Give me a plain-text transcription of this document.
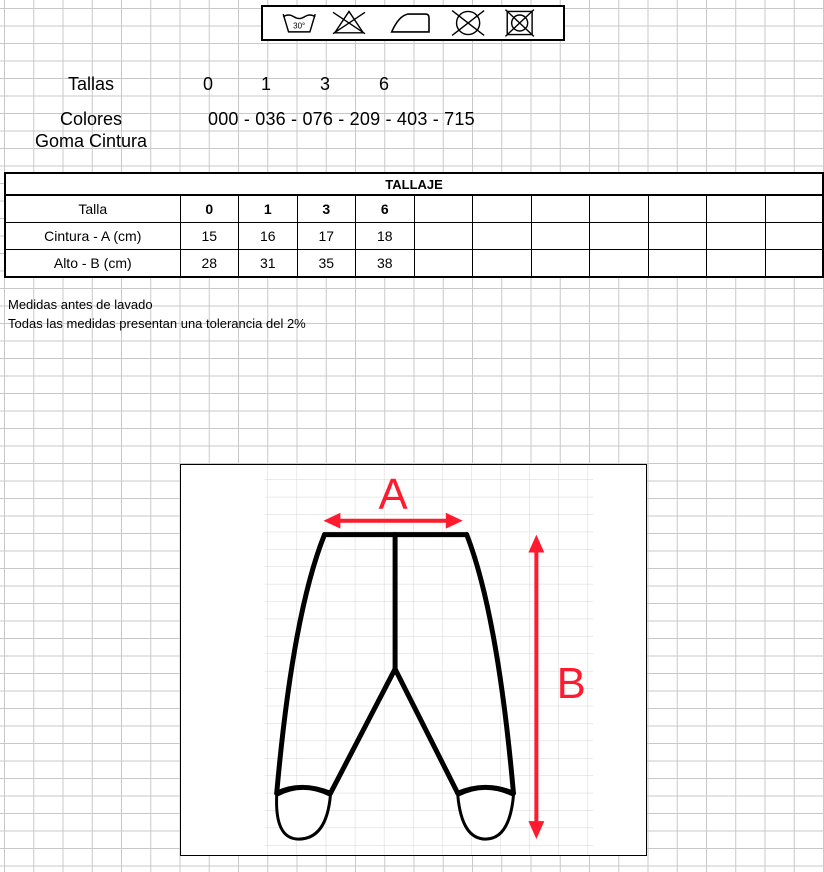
30°
Tallas	0	1	3	6
Colores	000 - 036 - 076 - 209 - 403 - 715
Goma Cintura
TALLAJE											
Talla	0	1	3	6							
Cintura - A (cm)	15	16	17	18							
Alto - B (cm)	28	31	35	38							
Medidas antes de lavado
Todas las medidas presentan una tolerancia del 2%
A
B
